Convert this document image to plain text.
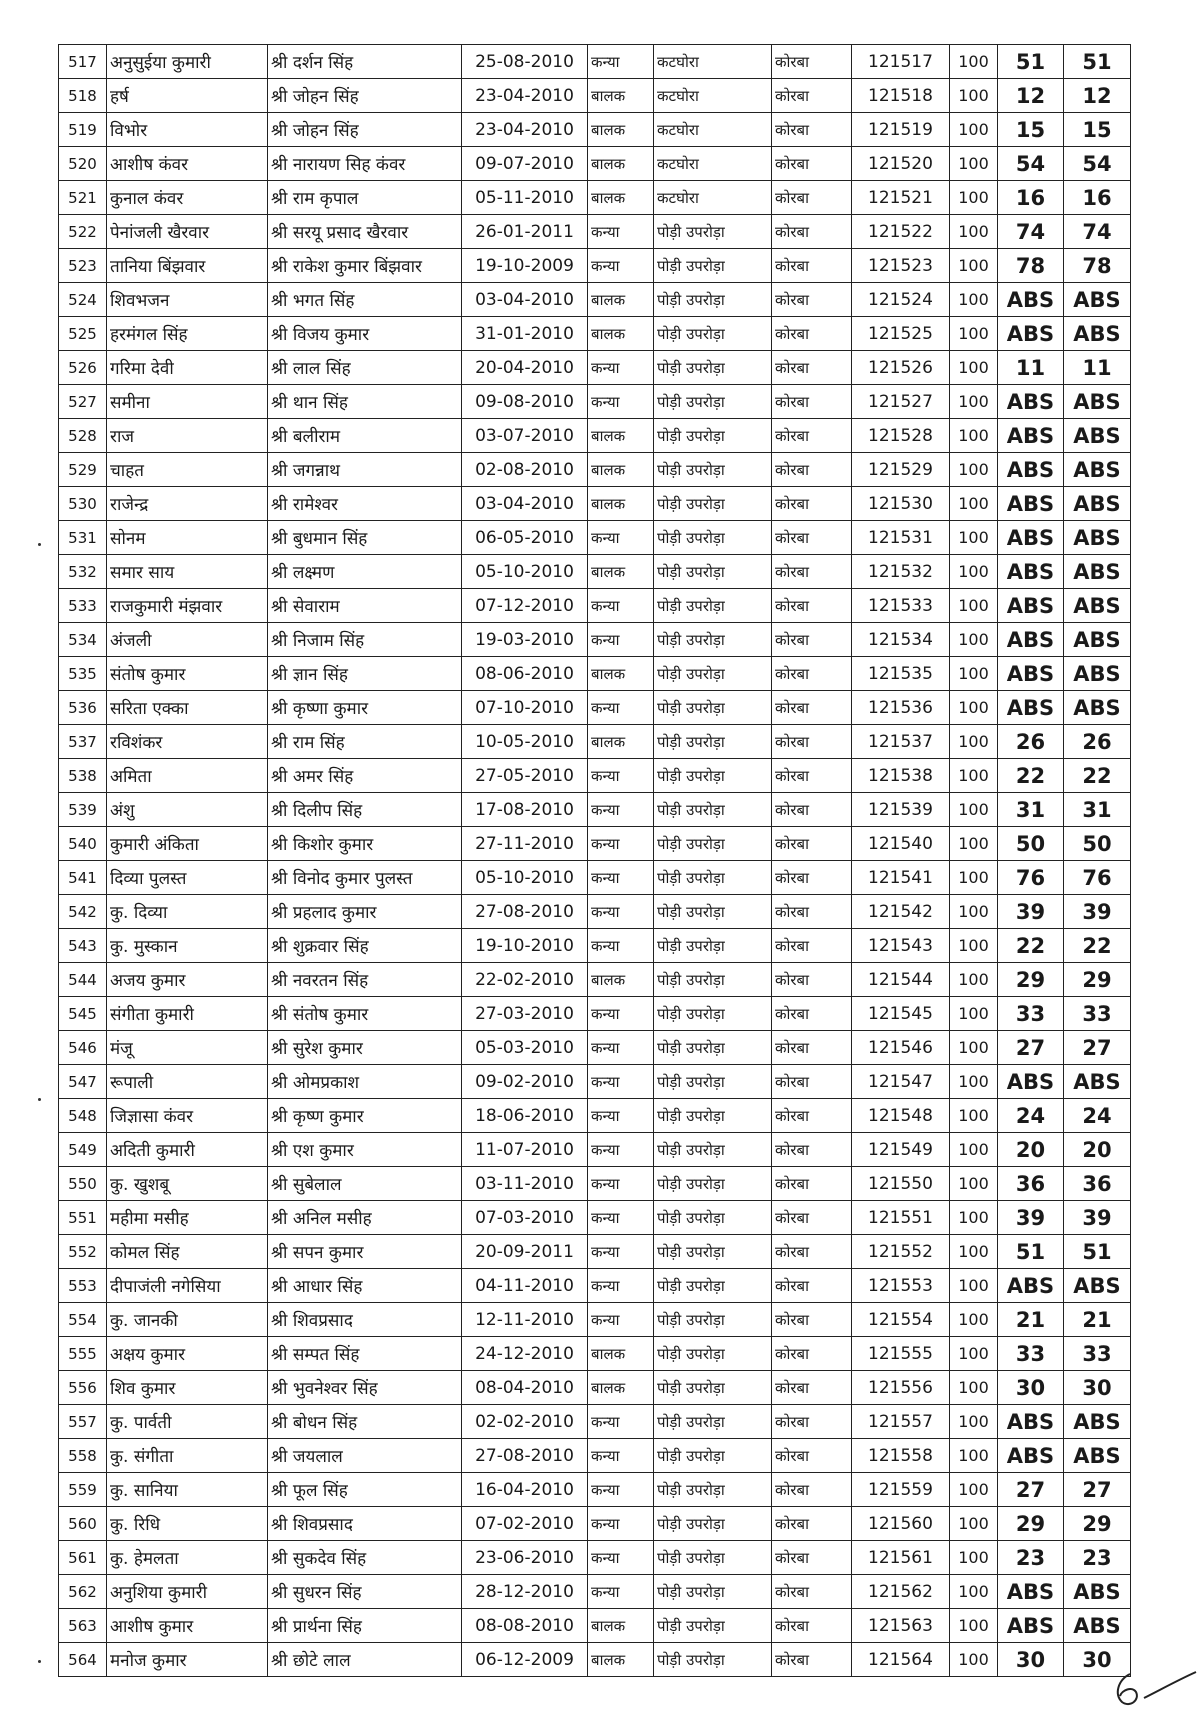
517	अनुसुईया कुमारी	श्री दर्शन सिंह	25-08-2010	कन्या	कटघोरा	कोरबा	121517	100	51	51
518	हर्ष	श्री जोहन सिंह	23-04-2010	बालक	कटघोरा	कोरबा	121518	100	12	12
519	विभोर	श्री जोहन सिंह	23-04-2010	बालक	कटघोरा	कोरबा	121519	100	15	15
520	आशीष कंवर	श्री नारायण सिह कंवर	09-07-2010	बालक	कटघोरा	कोरबा	121520	100	54	54
521	कुनाल कंवर	श्री राम कृपाल	05-11-2010	बालक	कटघोरा	कोरबा	121521	100	16	16
522	पेनांजली खैरवार	श्री सरयू प्रसाद खैरवार	26-01-2011	कन्या	पोड़ी उपरोड़ा	कोरबा	121522	100	74	74
523	तानिया बिंझवार	श्री राकेश कुमार बिंझवार	19-10-2009	कन्या	पोड़ी उपरोड़ा	कोरबा	121523	100	78	78
524	शिवभजन	श्री भगत सिंह	03-04-2010	बालक	पोड़ी उपरोड़ा	कोरबा	121524	100	ABS	ABS
525	हरमंगल सिंह	श्री विजय कुमार	31-01-2010	बालक	पोड़ी उपरोड़ा	कोरबा	121525	100	ABS	ABS
526	गरिमा देवी	श्री लाल सिंह	20-04-2010	कन्या	पोड़ी उपरोड़ा	कोरबा	121526	100	11	11
527	समीना	श्री थान सिंह	09-08-2010	कन्या	पोड़ी उपरोड़ा	कोरबा	121527	100	ABS	ABS
528	राज	श्री बलीराम	03-07-2010	बालक	पोड़ी उपरोड़ा	कोरबा	121528	100	ABS	ABS
529	चाहत	श्री जगन्नाथ	02-08-2010	बालक	पोड़ी उपरोड़ा	कोरबा	121529	100	ABS	ABS
530	राजेन्द्र	श्री रामेश्वर	03-04-2010	बालक	पोड़ी उपरोड़ा	कोरबा	121530	100	ABS	ABS
531	सोनम	श्री बुधमान सिंह	06-05-2010	कन्या	पोड़ी उपरोड़ा	कोरबा	121531	100	ABS	ABS
532	समार साय	श्री लक्ष्मण	05-10-2010	बालक	पोड़ी उपरोड़ा	कोरबा	121532	100	ABS	ABS
533	राजकुमारी मंझवार	श्री सेवाराम	07-12-2010	कन्या	पोड़ी उपरोड़ा	कोरबा	121533	100	ABS	ABS
534	अंजली	श्री निजाम सिंह	19-03-2010	कन्या	पोड़ी उपरोड़ा	कोरबा	121534	100	ABS	ABS
535	संतोष कुमार	श्री ज्ञान सिंह	08-06-2010	बालक	पोड़ी उपरोड़ा	कोरबा	121535	100	ABS	ABS
536	सरिता एक्का	श्री कृष्णा कुमार	07-10-2010	कन्या	पोड़ी उपरोड़ा	कोरबा	121536	100	ABS	ABS
537	रविशंकर	श्री राम सिंह	10-05-2010	बालक	पोड़ी उपरोड़ा	कोरबा	121537	100	26	26
538	अमिता	श्री अमर सिंह	27-05-2010	कन्या	पोड़ी उपरोड़ा	कोरबा	121538	100	22	22
539	अंशु	श्री दिलीप सिंह	17-08-2010	कन्या	पोड़ी उपरोड़ा	कोरबा	121539	100	31	31
540	कुमारी अंकिता	श्री किशोर कुमार	27-11-2010	कन्या	पोड़ी उपरोड़ा	कोरबा	121540	100	50	50
541	दिव्या पुलस्त	श्री विनोद कुमार पुलस्त	05-10-2010	कन्या	पोड़ी उपरोड़ा	कोरबा	121541	100	76	76
542	कु. दिव्या	श्री प्रहलाद कुमार	27-08-2010	कन्या	पोड़ी उपरोड़ा	कोरबा	121542	100	39	39
543	कु. मुस्कान	श्री शुक्रवार सिंह	19-10-2010	कन्या	पोड़ी उपरोड़ा	कोरबा	121543	100	22	22
544	अजय कुमार	श्री नवरतन सिंह	22-02-2010	बालक	पोड़ी उपरोड़ा	कोरबा	121544	100	29	29
545	संगीता कुमारी	श्री संतोष कुमार	27-03-2010	कन्या	पोड़ी उपरोड़ा	कोरबा	121545	100	33	33
546	मंजू	श्री सुरेश कुमार	05-03-2010	कन्या	पोड़ी उपरोड़ा	कोरबा	121546	100	27	27
547	रूपाली	श्री ओमप्रकाश	09-02-2010	कन्या	पोड़ी उपरोड़ा	कोरबा	121547	100	ABS	ABS
548	जिज्ञासा कंवर	श्री कृष्ण कुमार	18-06-2010	कन्या	पोड़ी उपरोड़ा	कोरबा	121548	100	24	24
549	अदिती कुमारी	श्री एश कुमार	11-07-2010	कन्या	पोड़ी उपरोड़ा	कोरबा	121549	100	20	20
550	कु. खुशबू	श्री सुबेलाल	03-11-2010	कन्या	पोड़ी उपरोड़ा	कोरबा	121550	100	36	36
551	महीमा मसीह	श्री अनिल मसीह	07-03-2010	कन्या	पोड़ी उपरोड़ा	कोरबा	121551	100	39	39
552	कोमल सिंह	श्री सपन कुमार	20-09-2011	कन्या	पोड़ी उपरोड़ा	कोरबा	121552	100	51	51
553	दीपाजंली नगेसिया	श्री आधार सिंह	04-11-2010	कन्या	पोड़ी उपरोड़ा	कोरबा	121553	100	ABS	ABS
554	कु. जानकी	श्री शिवप्रसाद	12-11-2010	कन्या	पोड़ी उपरोड़ा	कोरबा	121554	100	21	21
555	अक्षय कुमार	श्री सम्पत सिंह	24-12-2010	बालक	पोड़ी उपरोड़ा	कोरबा	121555	100	33	33
556	शिव कुमार	श्री भुवनेश्वर सिंह	08-04-2010	बालक	पोड़ी उपरोड़ा	कोरबा	121556	100	30	30
557	कु. पार्वती	श्री बोधन सिंह	02-02-2010	कन्या	पोड़ी उपरोड़ा	कोरबा	121557	100	ABS	ABS
558	कु. संगीता	श्री जयलाल	27-08-2010	कन्या	पोड़ी उपरोड़ा	कोरबा	121558	100	ABS	ABS
559	कु. सानिया	श्री फूल सिंह	16-04-2010	कन्या	पोड़ी उपरोड़ा	कोरबा	121559	100	27	27
560	कु. रिधि	श्री शिवप्रसाद	07-02-2010	कन्या	पोड़ी उपरोड़ा	कोरबा	121560	100	29	29
561	कु. हेमलता	श्री सुकदेव सिंह	23-06-2010	कन्या	पोड़ी उपरोड़ा	कोरबा	121561	100	23	23
562	अनुशिया कुमारी	श्री सुधरन सिंह	28-12-2010	कन्या	पोड़ी उपरोड़ा	कोरबा	121562	100	ABS	ABS
563	आशीष कुमार	श्री प्रार्थना सिंह	08-08-2010	बालक	पोड़ी उपरोड़ा	कोरबा	121563	100	ABS	ABS
564	मनोज कुमार	श्री छोटे लाल	06-12-2009	बालक	पोड़ी उपरोड़ा	कोरबा	121564	100	30	30
